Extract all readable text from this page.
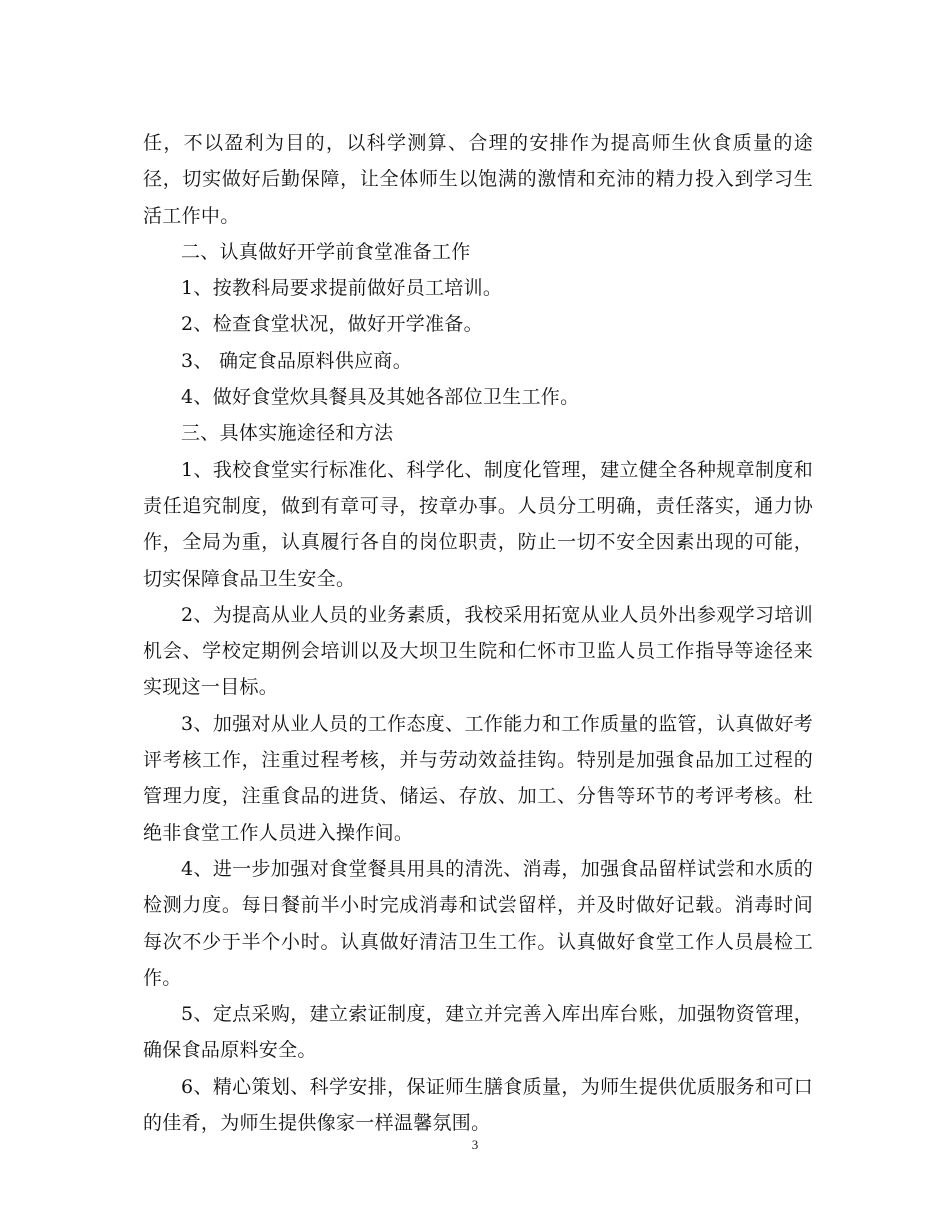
任，不以盈利为目的，以科学测算、合理的安排作为提高师生伙食质量的途径，切实做好后勤保障，让全体师生以饱满的激情和充沛的精力投入到学习生活工作中。

二、认真做好开学前食堂准备工作

1、按教科局要求提前做好员工培训。

2、检查食堂状况，做好开学准备。

3、 确定食品原料供应商。

4、做好食堂炊具餐具及其她各部位卫生工作。

三、具体实施途径和方法

1、我校食堂实行标准化、科学化、制度化管理，建立健全各种规章制度和责任追究制度，做到有章可寻，按章办事。人员分工明确，责任落实，通力协作，全局为重，认真履行各自的岗位职责，防止一切不安全因素出现的可能，切实保障食品卫生安全。

2、为提高从业人员的业务素质，我校采用拓宽从业人员外出参观学习培训机会、学校定期例会培训以及大坝卫生院和仁怀市卫监人员工作指导等途径来实现这一目标。

3、加强对从业人员的工作态度、工作能力和工作质量的监管，认真做好考评考核工作，注重过程考核，并与劳动效益挂钩。特别是加强食品加工过程的管理力度，注重食品的进货、储运、存放、加工、分售等环节的考评考核。杜绝非食堂工作人员进入操作间。

4、进一步加强对食堂餐具用具的清洗、消毒，加强食品留样试尝和水质的检测力度。每日餐前半小时完成消毒和试尝留样，并及时做好记载。消毒时间每次不少于半个小时。认真做好清洁卫生工作。认真做好食堂工作人员晨检工作。

5、定点采购，建立索证制度，建立并完善入库出库台账，加强物资管理，确保食品原料安全。

6、精心策划、科学安排，保证师生膳食质量，为师生提供优质服务和可口的佳肴，为师生提供像家一样温馨氛围。

3
